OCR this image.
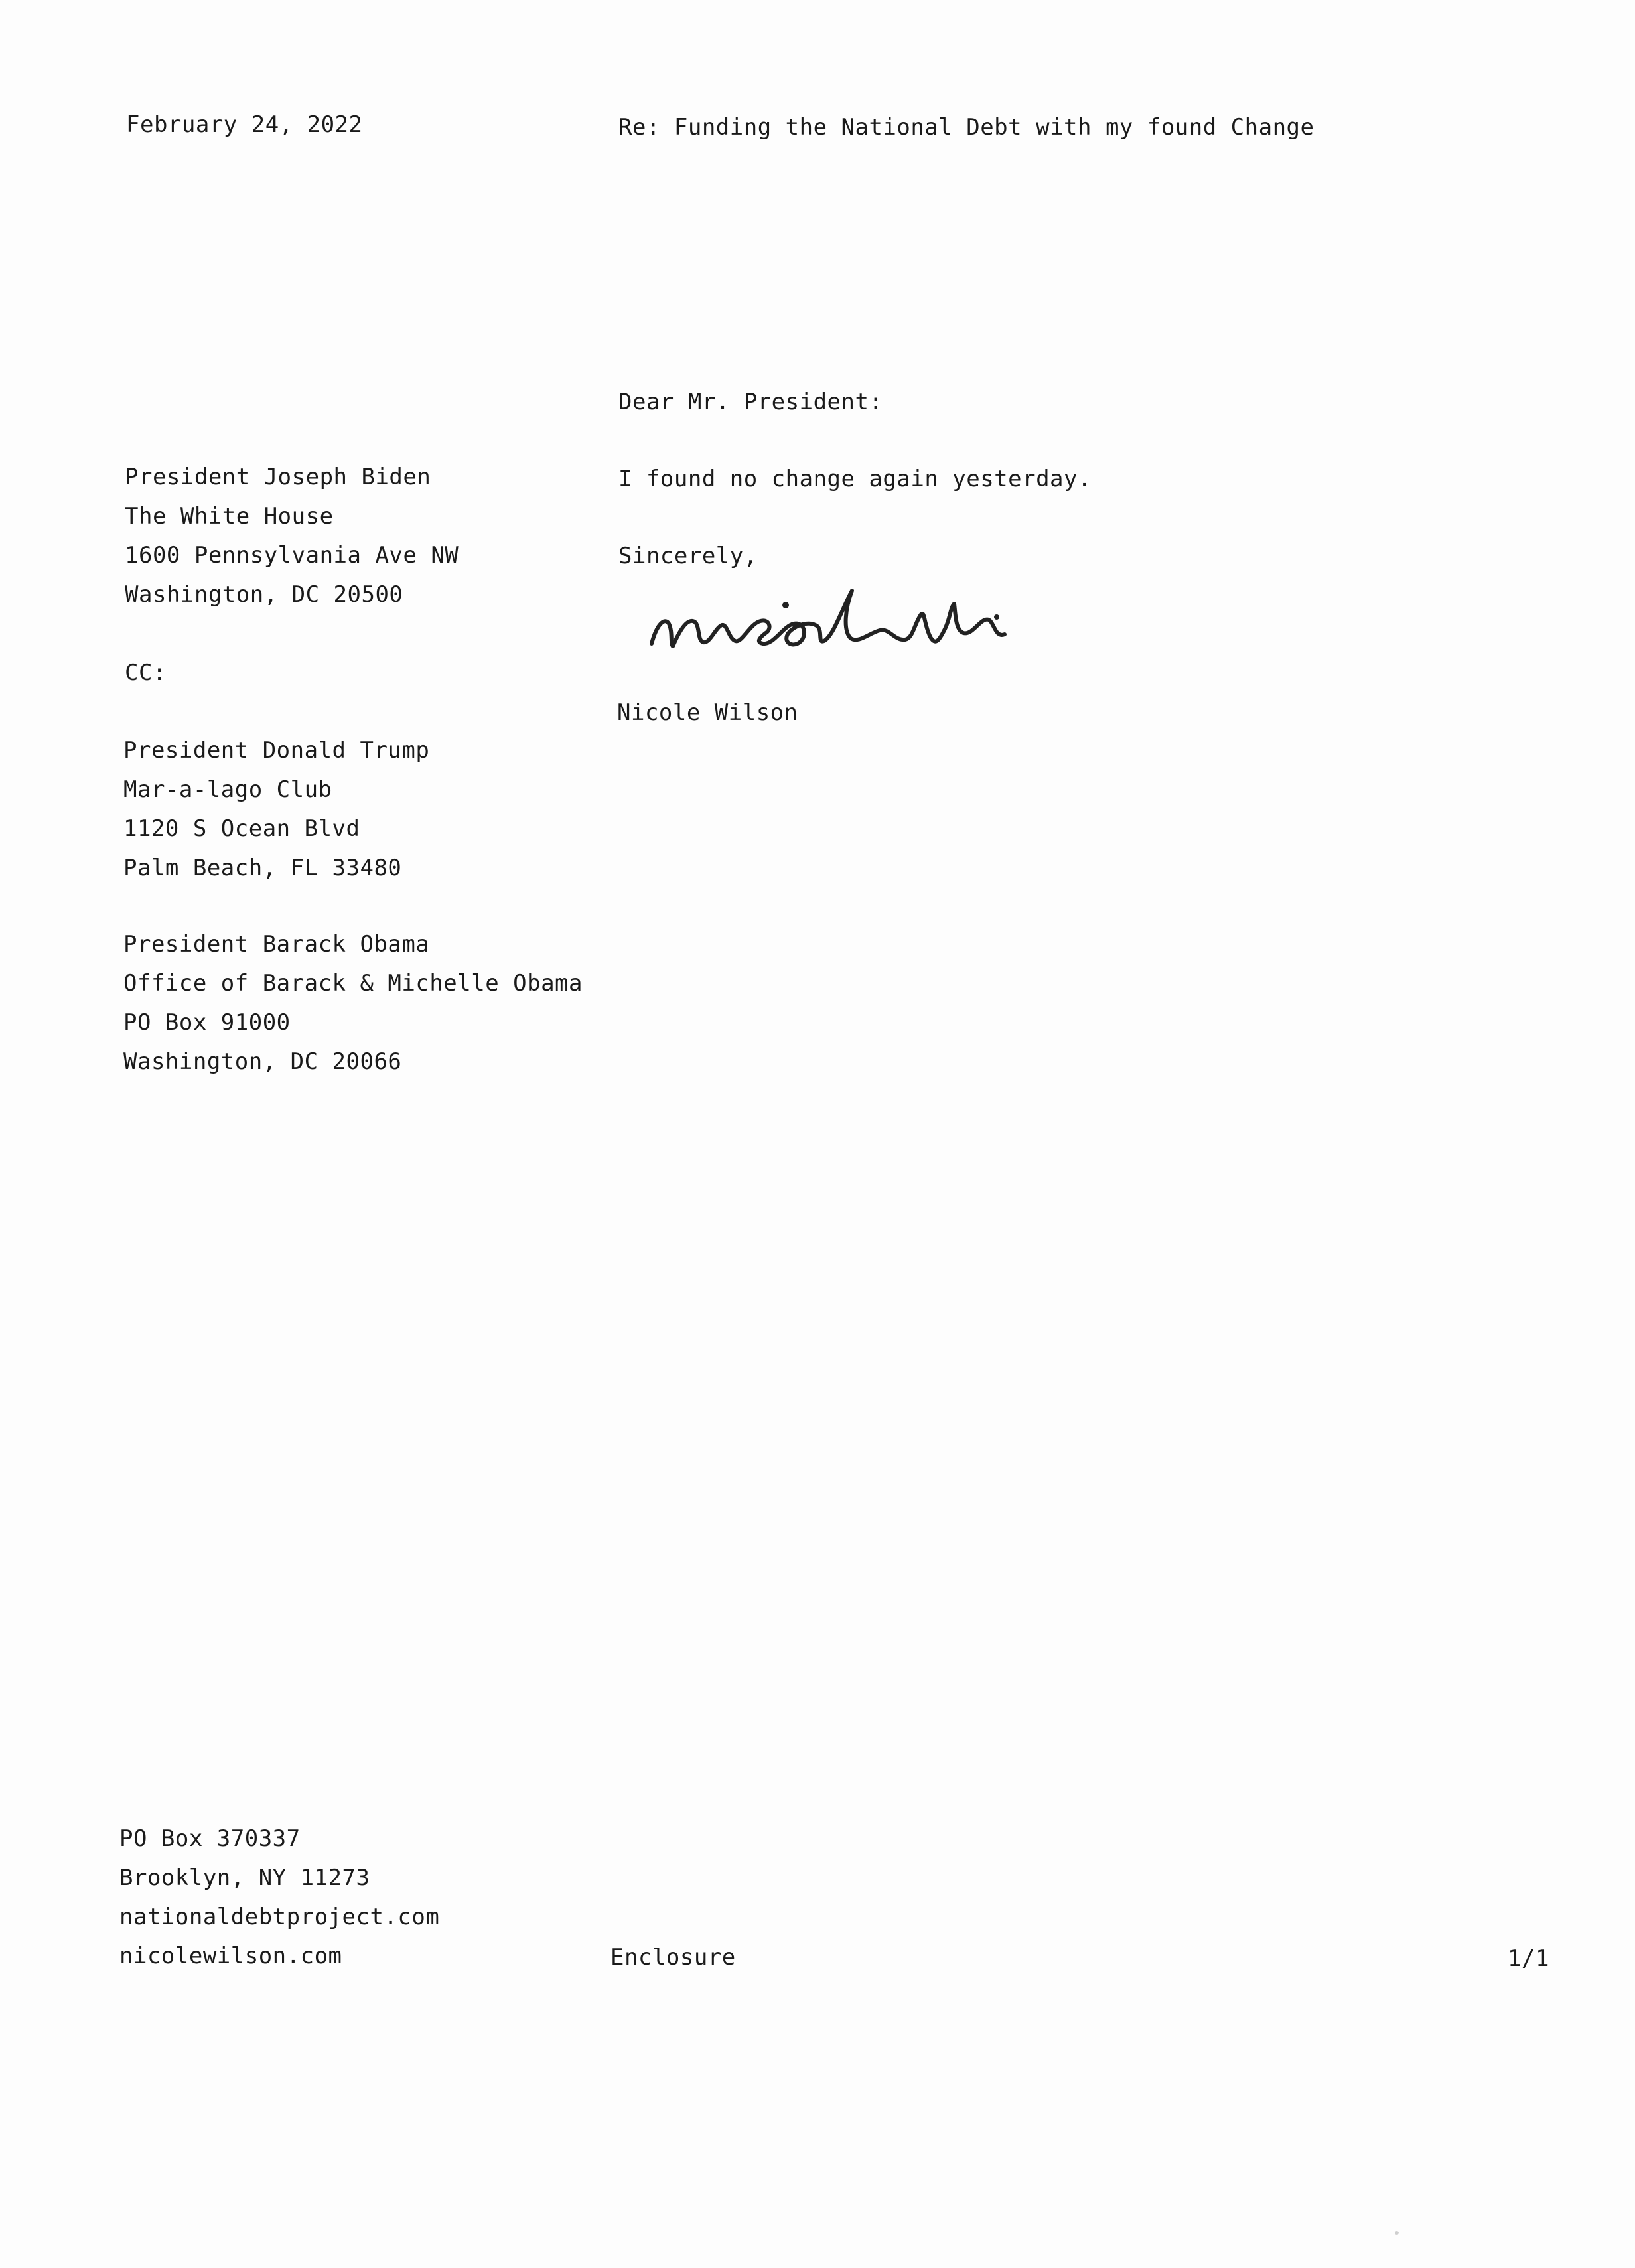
February 24, 2022	Re: Funding the National Debt with my found Change
President Joseph Biden
The White House
1600 Pennsylvania Ave NW
Washington, DC 20500
CC:
President Donald Trump
Mar-a-lago Club
1120 S Ocean Blvd
Palm Beach, FL 33480
President Barack Obama
Office of Barack & Michelle Obama
PO Box 91000
Washington, DC 20066
Dear Mr. President:
I found no change again yesterday.
Sincerely,
Nicole Wilson
PO Box 370337
Brooklyn, NY 11273
nationaldebtproject.com
nicolewilson.com	Enclosure	1/1
